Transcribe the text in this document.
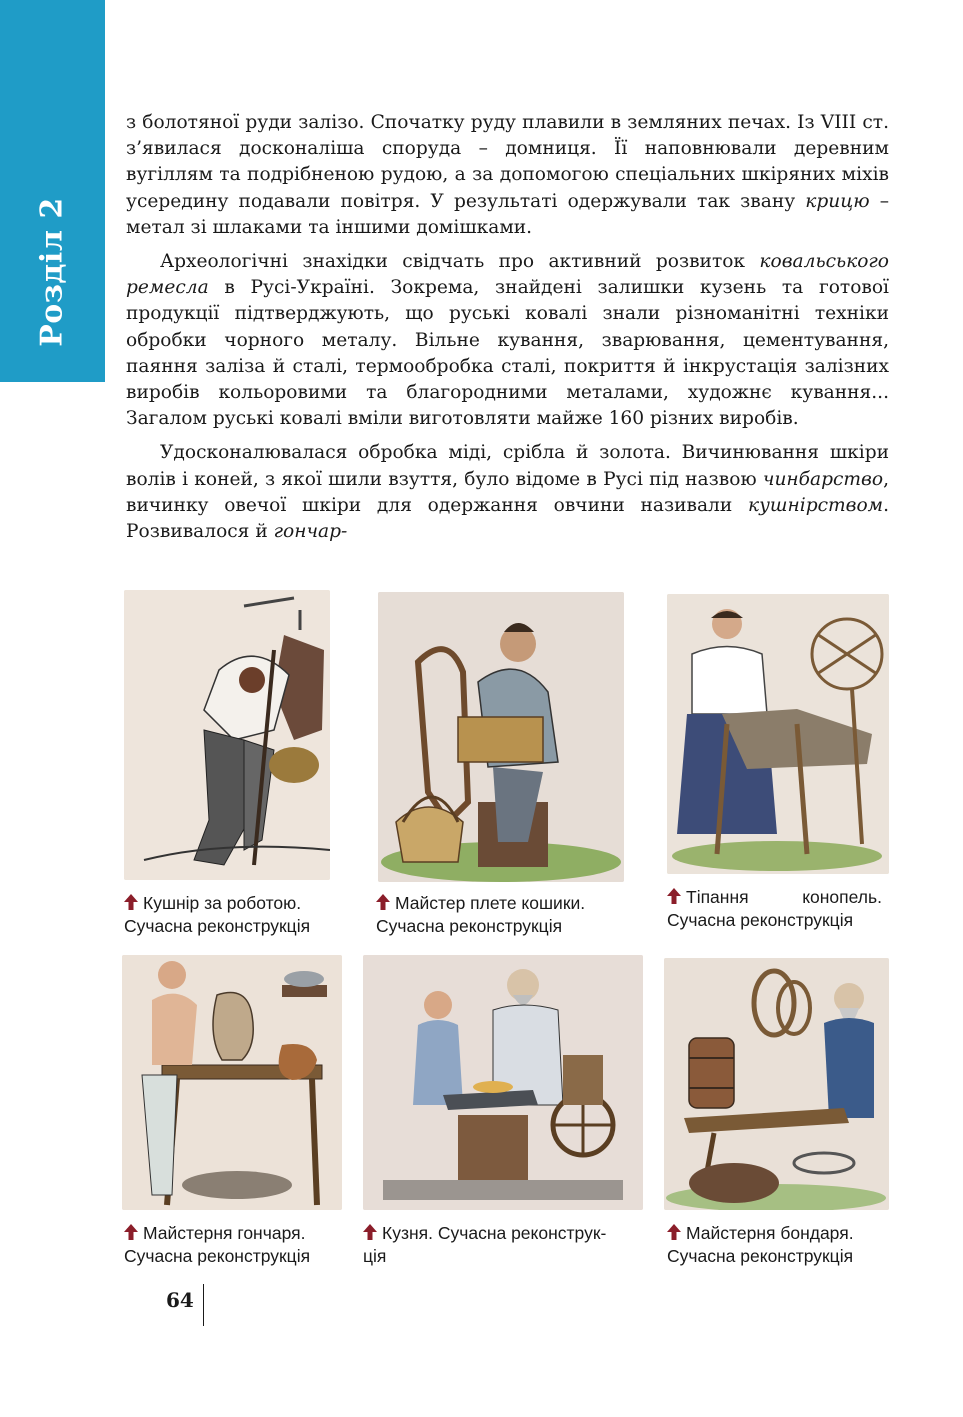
Розділ 2

з болотяної руди залізо. Спочатку руду плавили в земляних печах. Із VIII ст. з’явилася досконаліша споруда – домниця. Її наповнювали деревним вугіллям та подрібненою рудою, а за допомогою спеціальних шкіряних міхів усередину подавали повітря. У результаті одержували так звану крицю – метал зі шлаками та іншими домішками.

Археологічні знахідки свідчать про активний розвиток ковальського ремесла в Русі-Україні. Зокрема, знайдені залишки кузень та готової продукції підтверджують, що руські ковалі знали різноманітні техніки обробки чорного металу. Вільне кування, зварювання, цементування, паяння заліза й сталі, термообробка сталі, покриття й інкрустація залізних виробів кольоровими та благородними металами, художнє кування... Загалом руські ковалі вміли виготовляти майже 160 різних виробів.

Удосконалювалася обробка міді, срібла й золота. Вичинювання шкіри волів і коней, з якої шили взуття, було відоме в Русі під назвою чинбарство, вичинку овечої шкіри для одержання овчини називали кушнірством. Розвивалося й гончар-

Кушнір за роботою.
Сучасна реконструкція
Майстер плете кошики.
Сучасна реконструкція
Тіпання	конопель.
Сучасна реконструкція
Майстерня гончаря.
Сучасна реконструкція
Кузня. Сучасна реконструк-
ція
Майстерня бондаря.
Сучасна реконструкція
64
